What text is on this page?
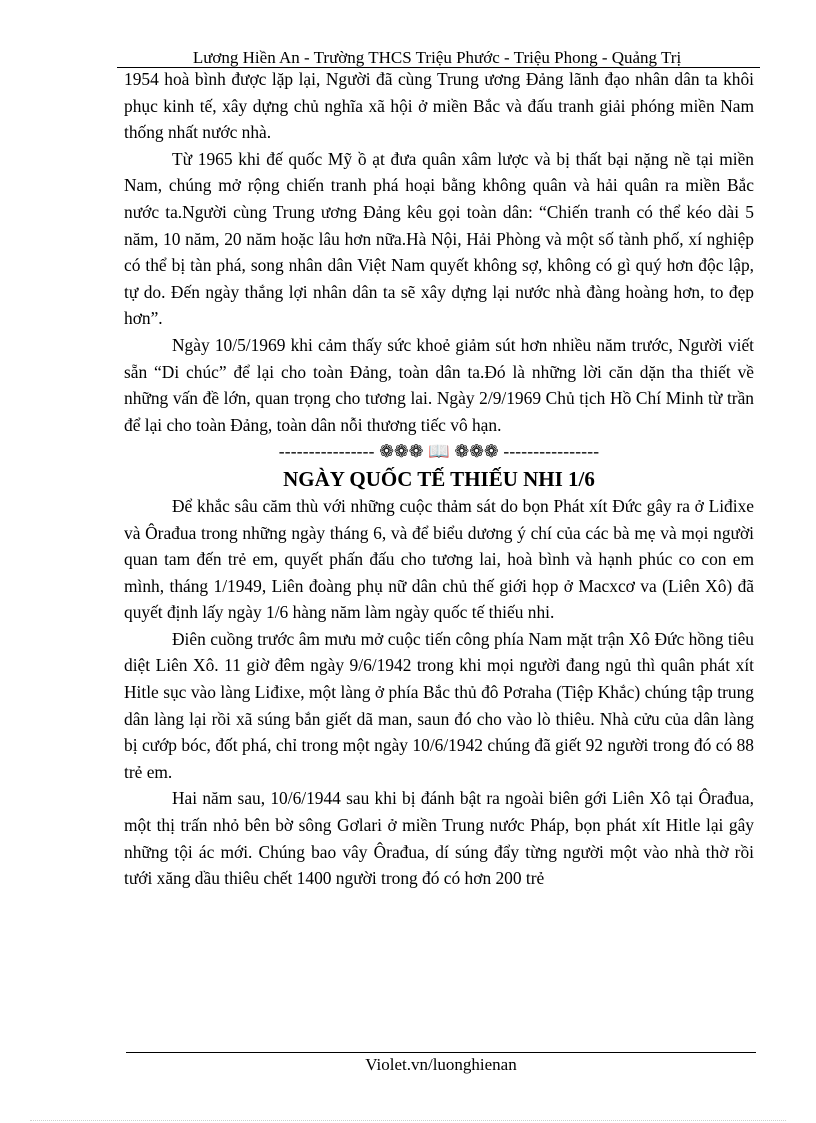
Lương Hiền An - Trường THCS Triệu Phước - Triệu Phong - Quảng Trị

1954 hoà bình được lặp lại, Người đã cùng Trung ương Đảng lãnh đạo nhân dân ta khôi phục kinh tế, xây dựng chủ nghĩa xã hội ở miền Bắc và đấu tranh giải phóng miền Nam thống nhất nước nhà.

Từ 1965 khi đế quốc Mỹ ồ ạt đưa quân xâm lược và bị thất bại nặng nề tại miền Nam, chúng mở rộng chiến tranh phá hoại bằng không quân và hải quân ra miền Bắc nước ta.Người cùng Trung ương Đảng kêu gọi toàn dân: “Chiến tranh có thể kéo dài 5 năm, 10 năm, 20 năm hoặc lâu hơn nữa.Hà Nội, Hải Phòng và một số tành phố, xí nghiệp có thể bị tàn phá, song nhân dân Việt Nam quyết không sợ, không có gì quý hơn độc lập, tự do. Đến ngày thắng lợi nhân dân ta sẽ xây dựng lại nước nhà đàng hoàng hơn, to đẹp hơn”.

Ngày 10/5/1969 khi cảm thấy sức khoẻ giảm sút hơn nhiều năm trước, Người viết sẵn “Di chúc” để lại cho toàn Đảng, toàn dân ta.Đó là những lời căn dặn tha thiết về những vấn đề lớn, quan trọng cho tương lai. Ngày 2/9/1969 Chủ tịch Hồ Chí Minh từ trần để lại cho toàn Đảng, toàn dân nỗi thương tiếc vô hạn.

---------------- ❁❁❁ 📖 ❁❁❁ ----------------

NGÀY QUỐC TẾ THIẾU NHI 1/6

Để khắc sâu căm thù với những cuộc thảm sát do bọn Phát xít Đức gây ra ở Liđixe và Ôrađua trong những ngày tháng 6, và để biểu dương ý chí của các bà mẹ và mọi người quan tam đến trẻ em, quyết phấn đấu cho tương lai, hoà bình và hạnh phúc co con em mình, tháng 1/1949, Liên đoàng phụ nữ dân chủ thế giới họp ở Macxcơ va (Liên Xô) đã quyết định lấy ngày 1/6 hàng năm làm ngày quốc tế thiếu nhi.

Điên cuồng trước âm mưu mở cuộc tiến công phía Nam mặt trận Xô Đức hồng tiêu diệt Liên Xô. 11 giờ đêm ngày 9/6/1942 trong khi mọi người đang ngủ thì quân phát xít Hitle sục vào làng Liđixe, một làng ở phía Bắc thủ đô Pơraha (Tiệp Khắc) chúng tập trung dân làng lại rồi xã súng bắn giết dã man, saun đó cho vào lò thiêu. Nhà cửu của dân làng bị cướp bóc, đốt phá, chỉ trong một ngày 10/6/1942 chúng đã giết 92 người trong đó có 88 trẻ em.

Hai năm sau, 10/6/1944 sau khi bị đánh bật ra ngoài biên gới Liên Xô tại Ôrađua, một thị trấn nhỏ bên bờ sông Gơlari ở miền Trung nước Pháp, bọn phát xít Hitle lại gây những tội ác mới. Chúng bao vây Ôrađua, dí súng đẩy từng người một vào nhà thờ rồi tưới xăng dầu thiêu chết 1400 người trong đó có hơn 200 trẻ

Violet.vn/luonghienan
